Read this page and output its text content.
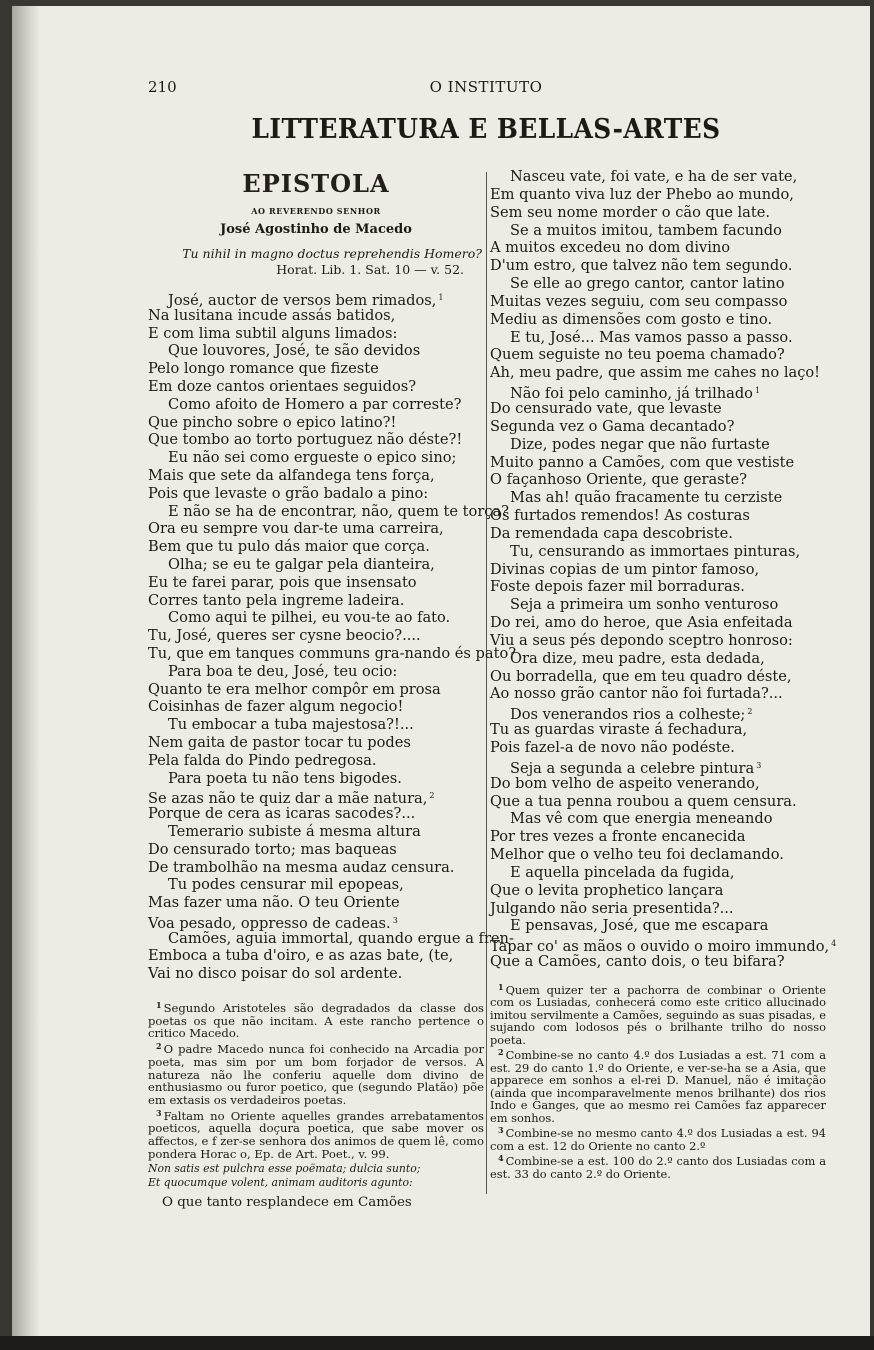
210	O INSTITUTO
LITTERATURA E BELLAS-ARTES
EPISTOLA
AO REVERENDO SENHOR
José Agostinho de Macedo
Tu nihil in magno doctus reprehendis Homero?
Horat. Lib. 1. Sat. 10 — v. 52.
José, auctor de versos bem rimados, $^1$
Na lusitana incude assás batidos,
E com lima subtil alguns limados:
Que louvores, José, te são devidos
Pelo longo romance que fizeste
Em doze cantos orientaes seguidos?
Como afoito de Homero a par correste?
Que pincho sobre o epico latino?!
Que tombo ao torto portuguez não déste?!
Eu não sei como ergueste o epico sino;
Mais que sete da alfandega tens força,
Pois que levaste o grão badalo a pino:
E não se ha de encontrar, não, quem te torça?
Ora eu sempre vou dar-te uma carreira,
Bem que tu pulo dás maior que corça.
Olha; se eu te galgar pela dianteira,
Eu te farei parar, pois que insensato
Corres tanto pela ingreme ladeira.
Como aqui te pilhei, eu vou-te ao fato.
Tu, José, queres ser cysne beocio?....
Tu, que em tanques communs gra-nando és pato?
Para boa te deu, José, teu ocio:
Quanto te era melhor compôr em prosa
Coisinhas de fazer algum negocio!
Tu embocar a tuba majestosa?!...
Nem gaita de pastor tocar tu podes
Pela falda do Pindo pedregosa.
Para poeta tu não tens bigodes.
Se azas não te quiz dar a mãe natura, $^2$
Porque de cera as icaras sacodes?...
Temerario subiste á mesma altura
Do censurado torto; mas baqueas
De trambolhão na mesma audaz censura.
Tu podes censurar mil epopeas,
Mas fazer uma não. O teu Oriente
Voa pesado, oppresso de cadeas. $^3$
Camões, aguia immortal, quando ergue a fren-
Emboca a tuba d'oiro, e as azas bate, (te,
Vai no disco poisar do sol ardente.
$^1$ Segundo Aristoteles são degradados da classe dos poetas os que não incitam. A este rancho pertence o critico Macedo.
$^2$ O padre Macedo nunca foi conhecido na Arcadia por poeta, mas sim por um bom forjador de versos. A natureza não lhe conferiu aquelle dom divino de enthusiasmo ou furor poetico, que (segundo Platão) põe em extasis os verdadeiros poetas.
$^3$ Faltam no Oriente aquelles grandes arrebatamentos poeticos, aquella doçura poetica, que sabe mover os affectos, e f zer-se senhora dos animos de quem lê, como pondera Horac o, Ep. de Art. Poet., v. 99.
Non satis est pulchra esse poëmata; dulcia sunto;
Et quocumque volent, animam auditoris agunto:
O que tanto resplandece em Camões
Nasceu vate, foi vate, e ha de ser vate,
Em quanto viva luz der Phebo ao mundo,
Sem seu nome morder o cão que late.
Se a muitos imitou, tambem facundo
A muitos excedeu no dom divino
D'um estro, que talvez não tem segundo.
Se elle ao grego cantor, cantor latino
Muitas vezes seguiu, com seu compasso
Mediu as dimensões com gosto e tino.
E tu, José... Mas vamos passo a passo.
Quem seguiste no teu poema chamado?
Ah, meu padre, que assim me cahes no laço!
Não foi pelo caminho, já trilhado $^1$
Do censurado vate, que levaste
Segunda vez o Gama decantado?
Dize, podes negar que não furtaste
Muito panno a Camões, com que vestiste
O façanhoso Oriente, que geraste?
Mas ah! quão fracamente tu cerziste
Os furtados remendos! As costuras
Da remendada capa descobriste.
Tu, censurando as immortaes pinturas,
Divinas copias de um pintor famoso,
Foste depois fazer mil borraduras.
Seja a primeira um sonho venturoso
Do rei, amo do heroe, que Asia enfeitada
Viu a seus pés depondo sceptro honroso:
Ora dize, meu padre, esta dedada,
Ou borradella, que em teu quadro déste,
Ao nosso grão cantor não foi furtada?...
Dos venerandos rios a colheste; $^2$
Tu as guardas viraste á fechadura,
Pois fazel-a de novo não podéste.
Seja a segunda a celebre pintura $^3$
Do bom velho de aspeito venerando,
Que a tua penna roubou a quem censura.
Mas vê com que energia meneando
Por tres vezes a fronte encanecida
Melhor que o velho teu foi declamando.
E aquella pincelada da fugida,
Que o levita prophetico lançara
Julgando não seria presentida?...
E pensavas, José, que me escapara
Tapar co' as mãos o ouvido o moiro immundo, $^4$
Que a Camões, canto dois, o teu bifara?
$^1$ Quem quizer ter a pachorra de combinar o Oriente com os Lusiadas, conhecerá como este critico allucinado imitou servilmente a Camões, seguindo as suas pisadas, e sujando com lodosos pés o brilhante trilho do nosso poeta.
$^2$ Combine-se no canto 4.º dos Lusiadas a est. 71 com a est. 29 do canto 1.º do Oriente, e ver-se-ha se a Asia, que apparece em sonhos a el-rei D. Manuel, não é imitação (ainda que incomparavelmente menos brilhante) dos rios Indo e Ganges, que ao mesmo rei Camões faz apparecer em sonhos.
$^3$ Combine-se no mesmo canto 4.º dos Lusiadas a est. 94 com a est. 12 do Oriente no canto 2.º
$^4$ Combine-se a est. 100 do 2.º canto dos Lusiadas com a est. 33 do canto 2.º do Oriente.
